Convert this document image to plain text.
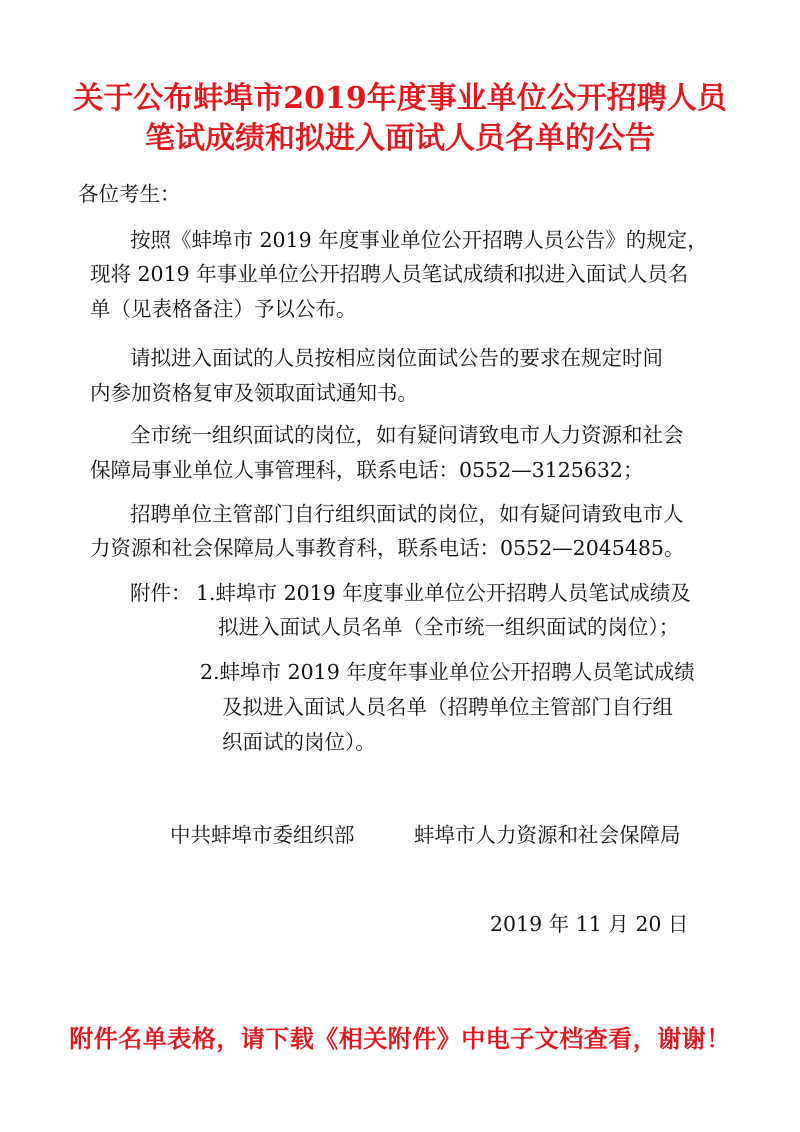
关于公布蚌埠市2019年度事业单位公开招聘人员
笔试成绩和拟进入面试人员名单的公告

各位考生：

按照《蚌埠市 2019 年度事业单位公开招聘人员公告》的规定，

现将 2019 年事业单位公开招聘人员笔试成绩和拟进入面试人员名

单（见表格备注）予以公布。

请拟进入面试的人员按相应岗位面试公告的要求在规定时间

内参加资格复审及领取面试通知书。

全市统一组织面试的岗位，如有疑问请致电市人力资源和社会

保障局事业单位人事管理科，联系电话：0552—3125632；

招聘单位主管部门自行组织面试的岗位，如有疑问请致电市人

力资源和社会保障局人事教育科，联系电话：0552—2045485。

附件： 1.蚌埠市 2019 年度事业单位公开招聘人员笔试成绩及

拟进入面试人员名单（全市统一组织面试的岗位）；

2.蚌埠市 2019 年度年事业单位公开招聘人员笔试成绩

及拟进入面试人员名单（招聘单位主管部门自行组

织面试的岗位）。

中共蚌埠市委组织部	蚌埠市人力资源和社会保障局

2019 年 11 月 20 日

附件名单表格，请下载《相关附件》中电子文档查看，谢谢！
